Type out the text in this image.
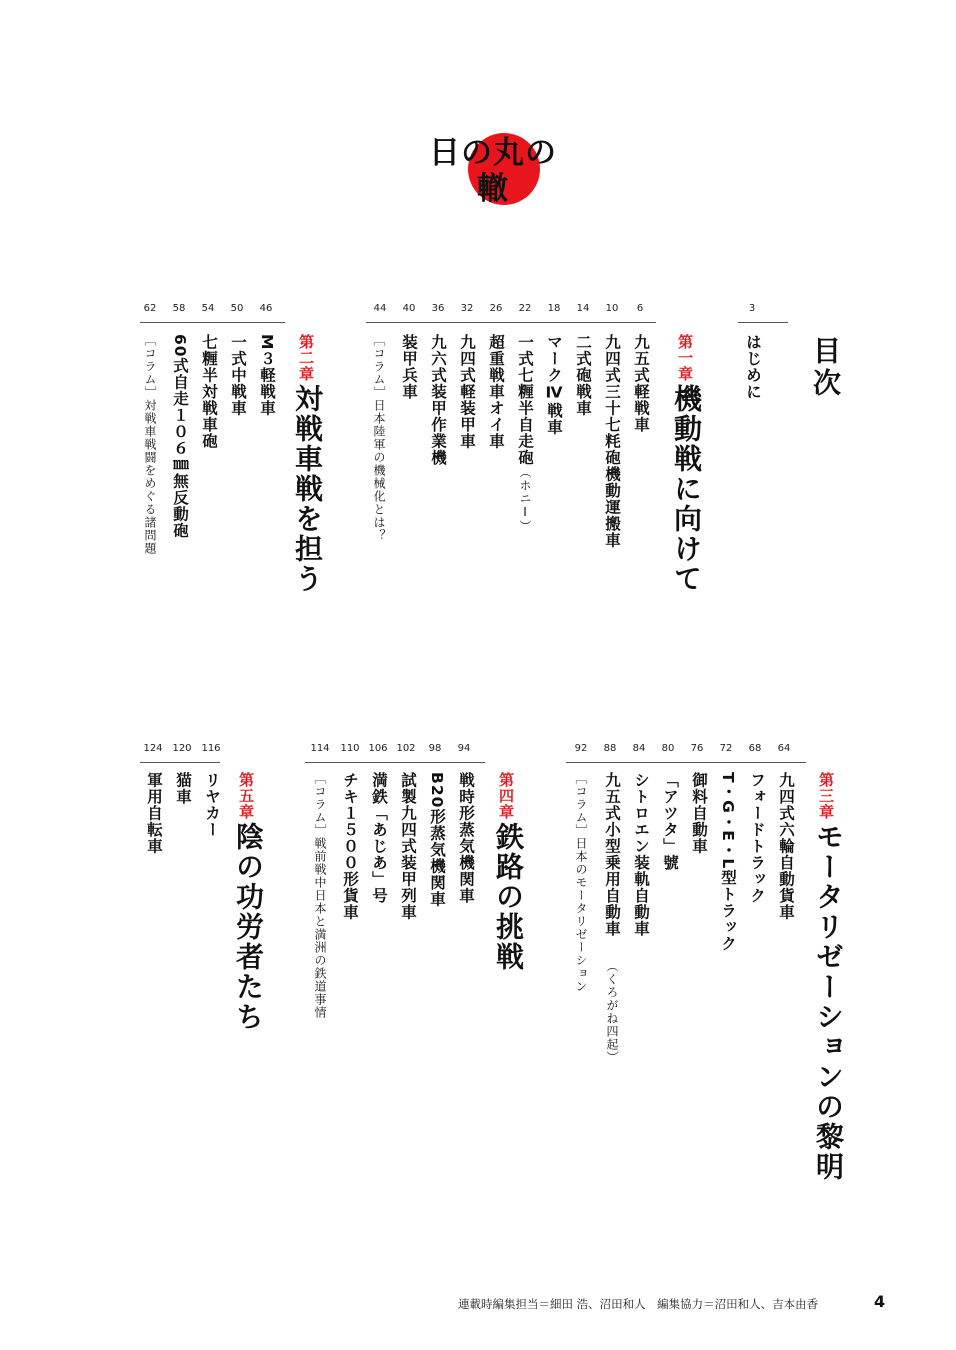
日の丸の轍
目次
3
はじめに
第一章
機動戦に向けて
6
九五式軽戦車
10
九四式三十七粍砲機動運搬車
14
二式砲戦車
18
マークⅣ戦車
22
一式七糎半自走砲
（ホニⅠ）
26
超重戦車オイ車
32
九四式軽装甲車
36
九六式装甲作業機
40
装甲兵車
44
［コラム］日本陸軍の機械化とは？
第二章
対戦車戦を担う
46
M３軽戦車
50
一式中戦車
54
七糎半対戦車砲
58
60式自走１０６㎜無反動砲
62
［コラム］対戦車戦闘をめぐる諸問題
第三章
モータリゼーションの黎明
64
九四式六輪自動貨車
68
フォードトラック
72
T・G・E・L型トラック
76
御料自動車
80
「アツタ」號
84
シトロエン装軌自動車
88
九五式小型乗用自動車
（くろがね四起）
92
［コラム］日本のモータリゼーション
第四章
鉄路の挑戦
94
戦時形蒸気機関車
98
B20形蒸気機関車
102
試製九四式装甲列車
106
満鉄「あじあ」号
110
チキ１５００形貨車
114
［コラム］戦前戦中日本と満洲の鉄道事情
第五章
陰の功労者たち
116
リヤカー
120
猫車
124
軍用自転車
連載時編集担当＝細田 浩、沼田和人　編集協力＝沼田和人、吉本由香	4
